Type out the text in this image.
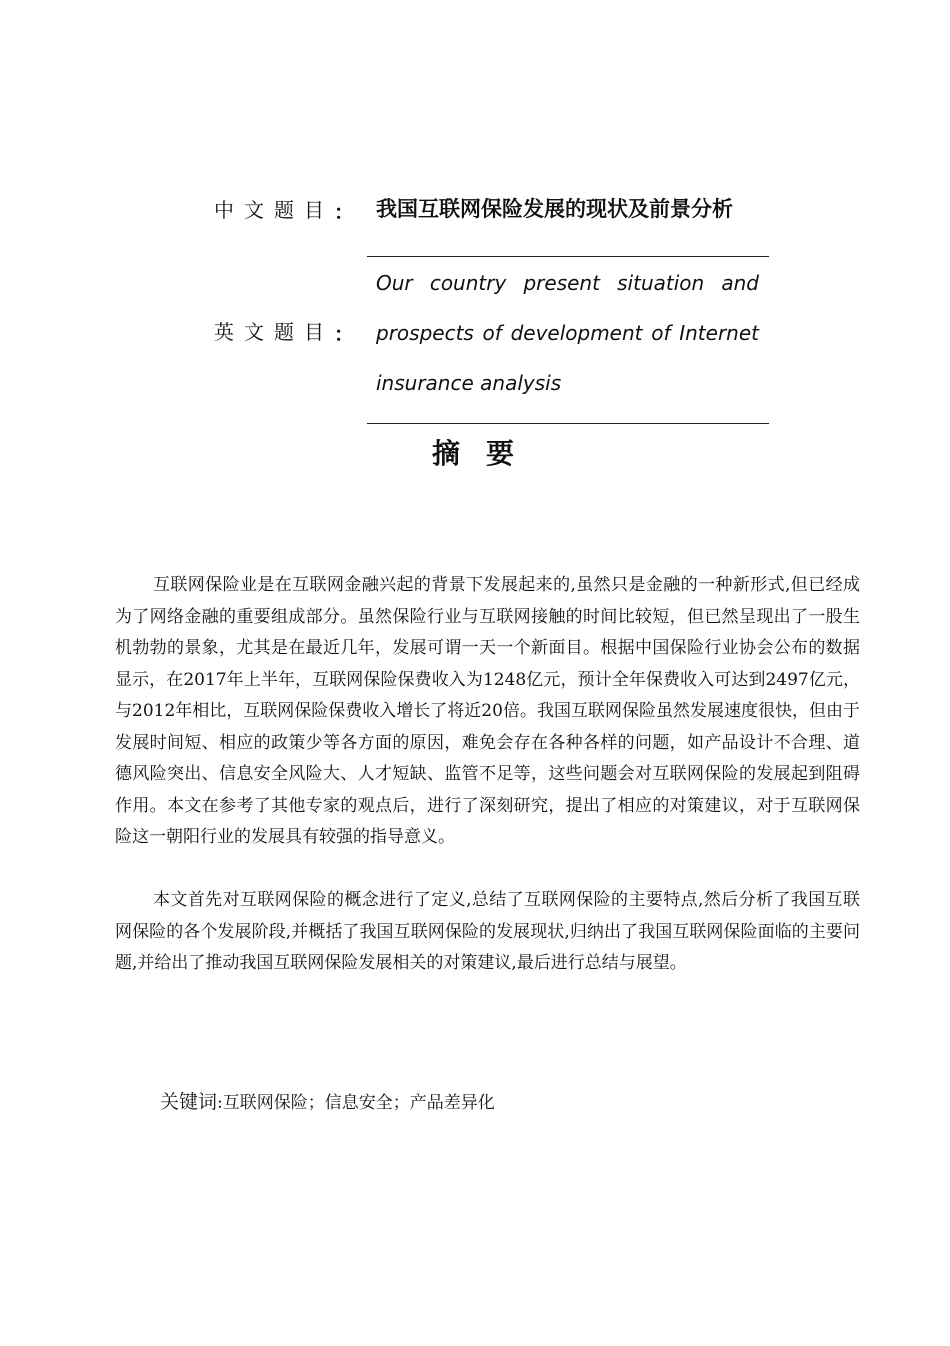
中文题目 ： 我国互联网保险发展的现状及前景分析
英文题目 ：
Our country present situation and prospects of development of Internet insurance analysis
摘要
互联网保险业是在互联网金融兴起的背景下发展起来的,虽然只是金融的一种新形式,但已经成为了网络金融的重要组成部分。虽然保险行业与互联网接触的时间比较短，但已然呈现出了一股生机勃勃的景象，尤其是在最近几年，发展可谓一天一个新面目。根据中国保险行业协会公布的数据显示，在2017年上半年，互联网保险保费收入为1248亿元，预计全年保费收入可达到2497亿元，与2012年相比，互联网保险保费收入增长了将近20倍。我国互联网保险虽然发展速度很快，但由于发展时间短、相应的政策少等各方面的原因，难免会存在各种各样的问题，如产品设计不合理、道德风险突出、信息安全风险大、人才短缺、监管不足等，这些问题会对互联网保险的发展起到阻碍作用。本文在参考了其他专家的观点后，进行了深刻研究，提出了相应的对策建议，对于互联网保险这一朝阳行业的发展具有较强的指导意义。
本文首先对互联网保险的概念进行了定义,总结了互联网保险的主要特点,然后分析了我国互联网保险的各个发展阶段,并概括了我国互联网保险的发展现状,归纳出了我国互联网保险面临的主要问题,并给出了推动我国互联网保险发展相关的对策建议,最后进行总结与展望。
关键词:互联网保险；信息安全；产品差异化
